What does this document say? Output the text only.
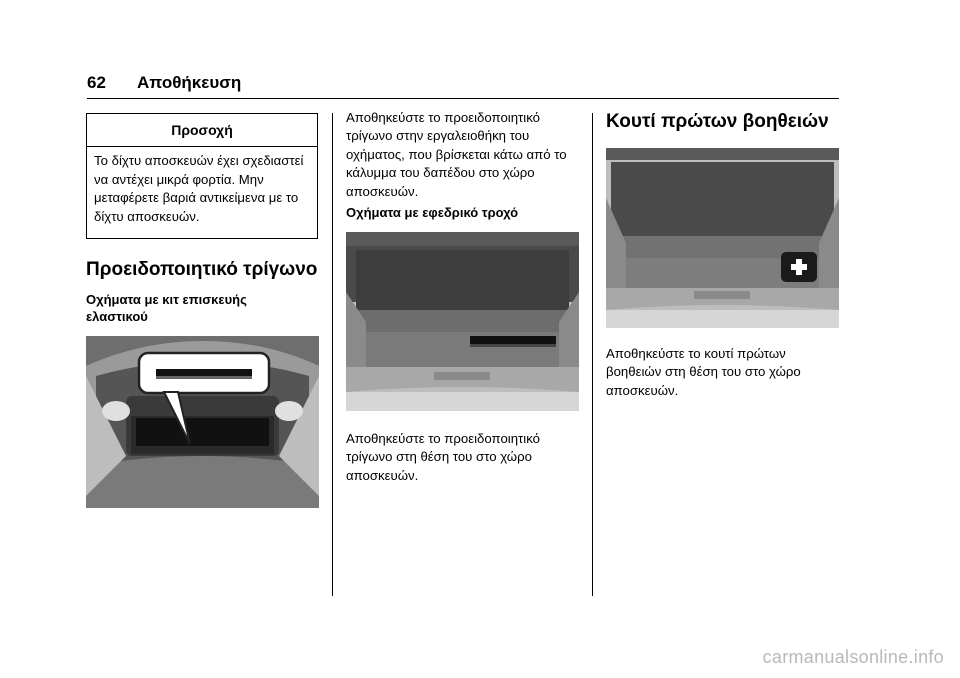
62 Αποθήκευση
Προσοχή
Το δίχτυ αποσκευών έχει σχεδιαστεί να αντέχει μικρά φορτία. Μην μεταφέρετε βαριά αντικείμενα με το δίχτυ αποσκευών.
Προειδοποιητικό τρίγωνο
Οχήματα με κιτ επισκευής ελαστικού
Αποθηκεύστε το προειδοποιητικό τρίγωνο στην εργαλειοθήκη του οχήματος, που βρίσκεται κάτω από το κάλυμμα του δαπέδου στο χώρο αποσκευών.
Οχήματα με εφεδρικό τροχό
Αποθηκεύστε το προειδοποιητικό τρίγωνο στη θέση του στο χώρο αποσκευών.
Κουτί πρώτων βοηθειών
Αποθηκεύστε το κουτί πρώτων βοηθειών στη θέση του στο χώρο αποσκευών.
carmanualsonline.info
